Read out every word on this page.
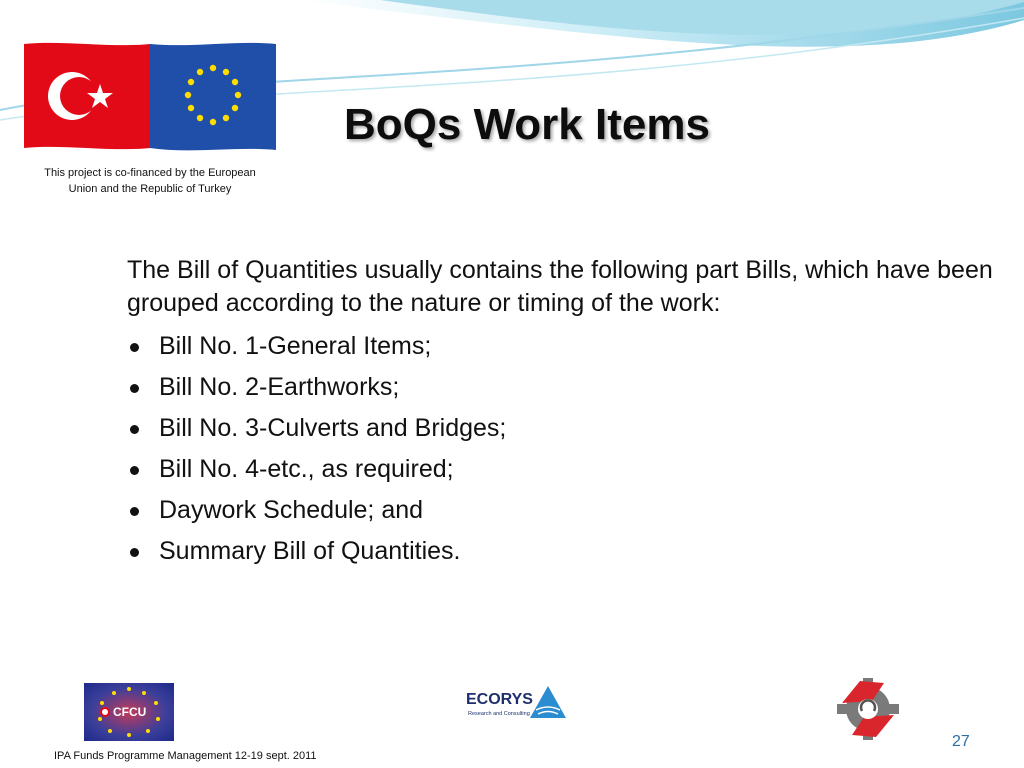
This project is co-financed by the European
Union and the Republic of Turkey
BoQs Work Items

The Bill of Quantities usually contains the following part Bills, which have been grouped according to the nature or timing of the work:

Bill No. 1-General Items;
Bill No. 2-Earthworks;
Bill No. 3-Culverts and Bridges;
Bill No. 4-etc., as required;
Daywork Schedule; and
Summary Bill of Quantities.
CFCU
ECORYS
Research and Consulting
IPA Funds Programme Management 12-19 sept. 2011
27
